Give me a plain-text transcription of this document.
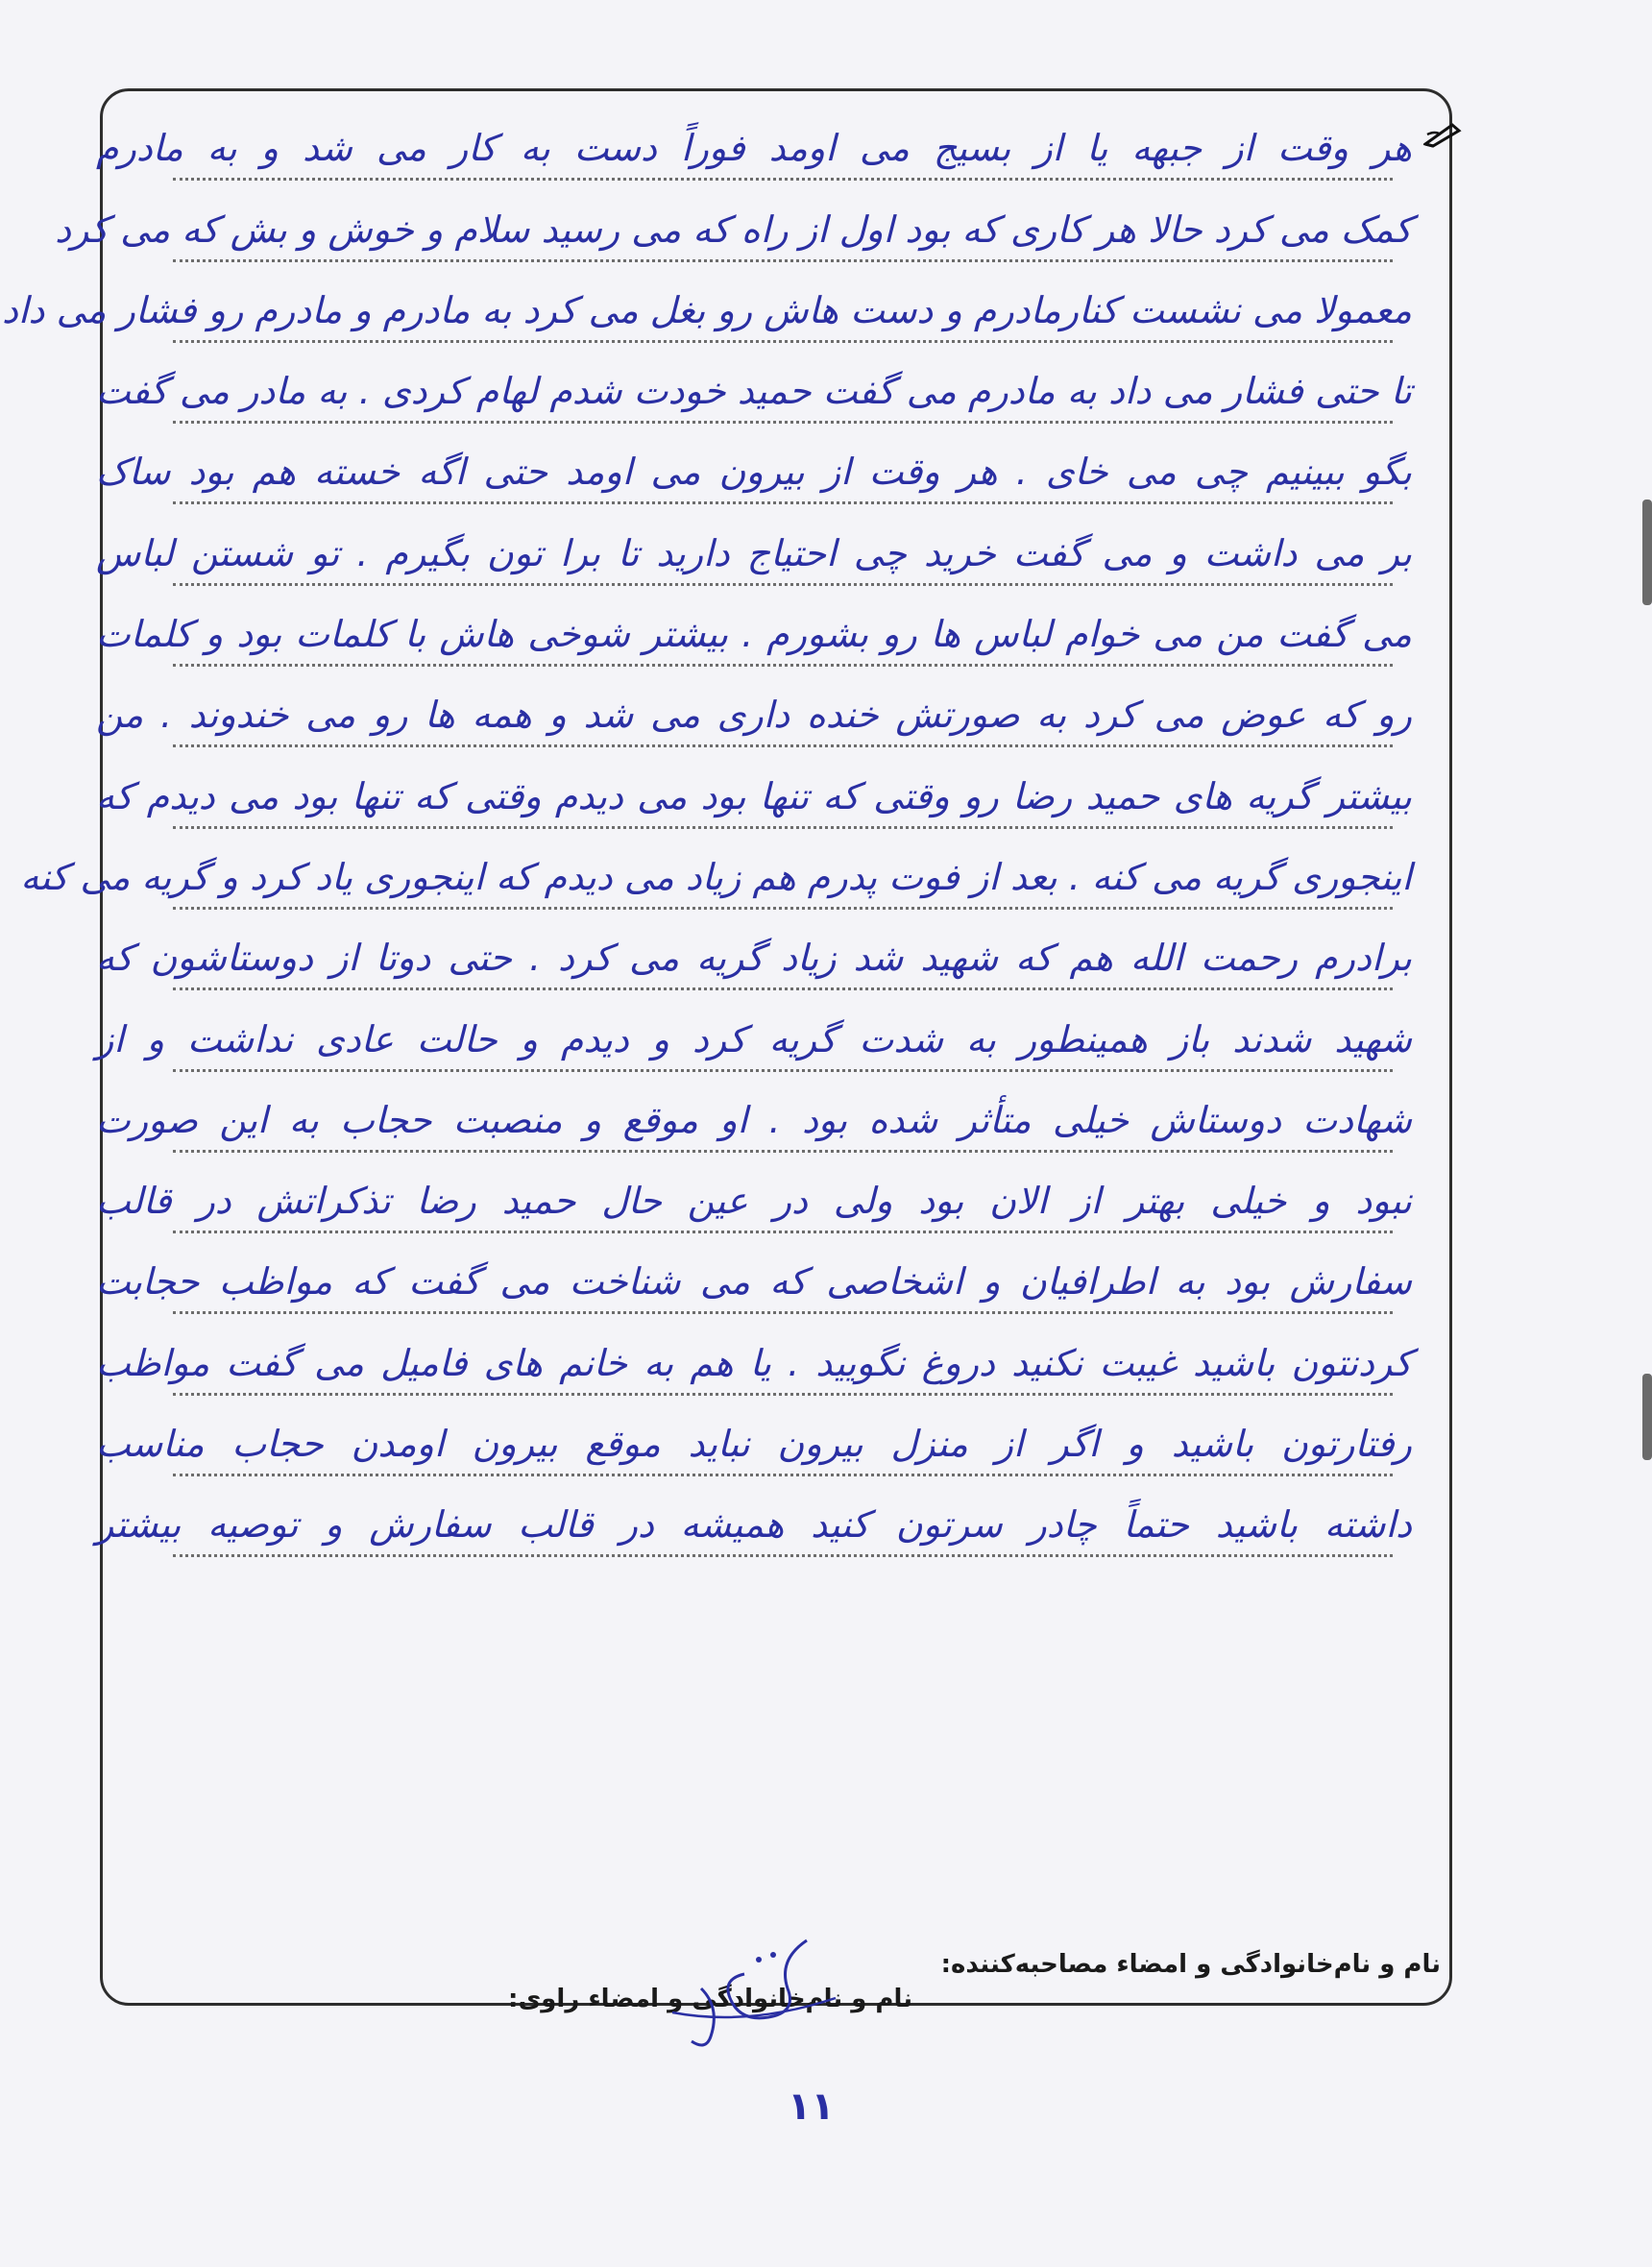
هر وقت از جبهه یا از بسیج می اومد فوراً دست به کار می شد و به مادرم
کمک می کرد حالا هر کاری که بود اول از راه که می رسید سلام و خوش و بش که می کرد
معمولا می نشست کنارمادرم و دست هاش رو بغل می کرد به مادرم و مادرم رو فشار می داد
تا حتی فشار می داد به مادرم می گفت حمید خودت شدم لهام کردی . به مادر می گفت
بگو ببینیم چی می خای . هر وقت از بیرون می اومد حتی اگه خسته هم بود ساک
بر می داشت و می گفت خرید چی احتیاج دارید تا برا تون بگیرم . تو شستن لباس
می گفت من می خوام لباس ها رو بشورم . بیشتر شوخی هاش با کلمات بود و کلمات
رو که عوض می کرد به صورتش خنده داری می شد و همه ها رو می خندوند . من
بیشتر گریه های حمید رضا رو وقتی که تنها بود می دیدم وقتی که تنها بود می دیدم که
اینجوری گریه می کنه . بعد از فوت پدرم هم زیاد می دیدم که اینجوری یاد کرد و گریه می کنه
برادرم رحمت الله هم که شهید شد زیاد گریه می کرد . حتی دوتا از دوستاشون که
شهید شدند باز همینطور به شدت گریه کرد و دیدم و حالت عادی نداشت و از
شهادت دوستاش خیلی متأثر شده بود . او موقع و منصبت حجاب به این صورت
نبود و خیلی بهتر از الان بود ولی در عین حال حمید رضا تذکراتش در قالب
سفارش بود به اطرافیان و اشخاصی که می شناخت می گفت که مواظب حجابت
کردنتون باشید غیبت نکنید دروغ نگویید . یا هم به خانم های فامیل می گفت مواظب
رفتارتون باشید و اگر از منزل بیرون نباید موقع بیرون اومدن حجاب مناسب
داشته باشید حتماً چادر سرتون کنید همیشه در قالب سفارش و توصیه بیشتر
نام و نام‌خانوادگی و امضاء مصاحبه‌کننده:
نام و نام‌خانوادگی و امضاء راوی:
۱۱
